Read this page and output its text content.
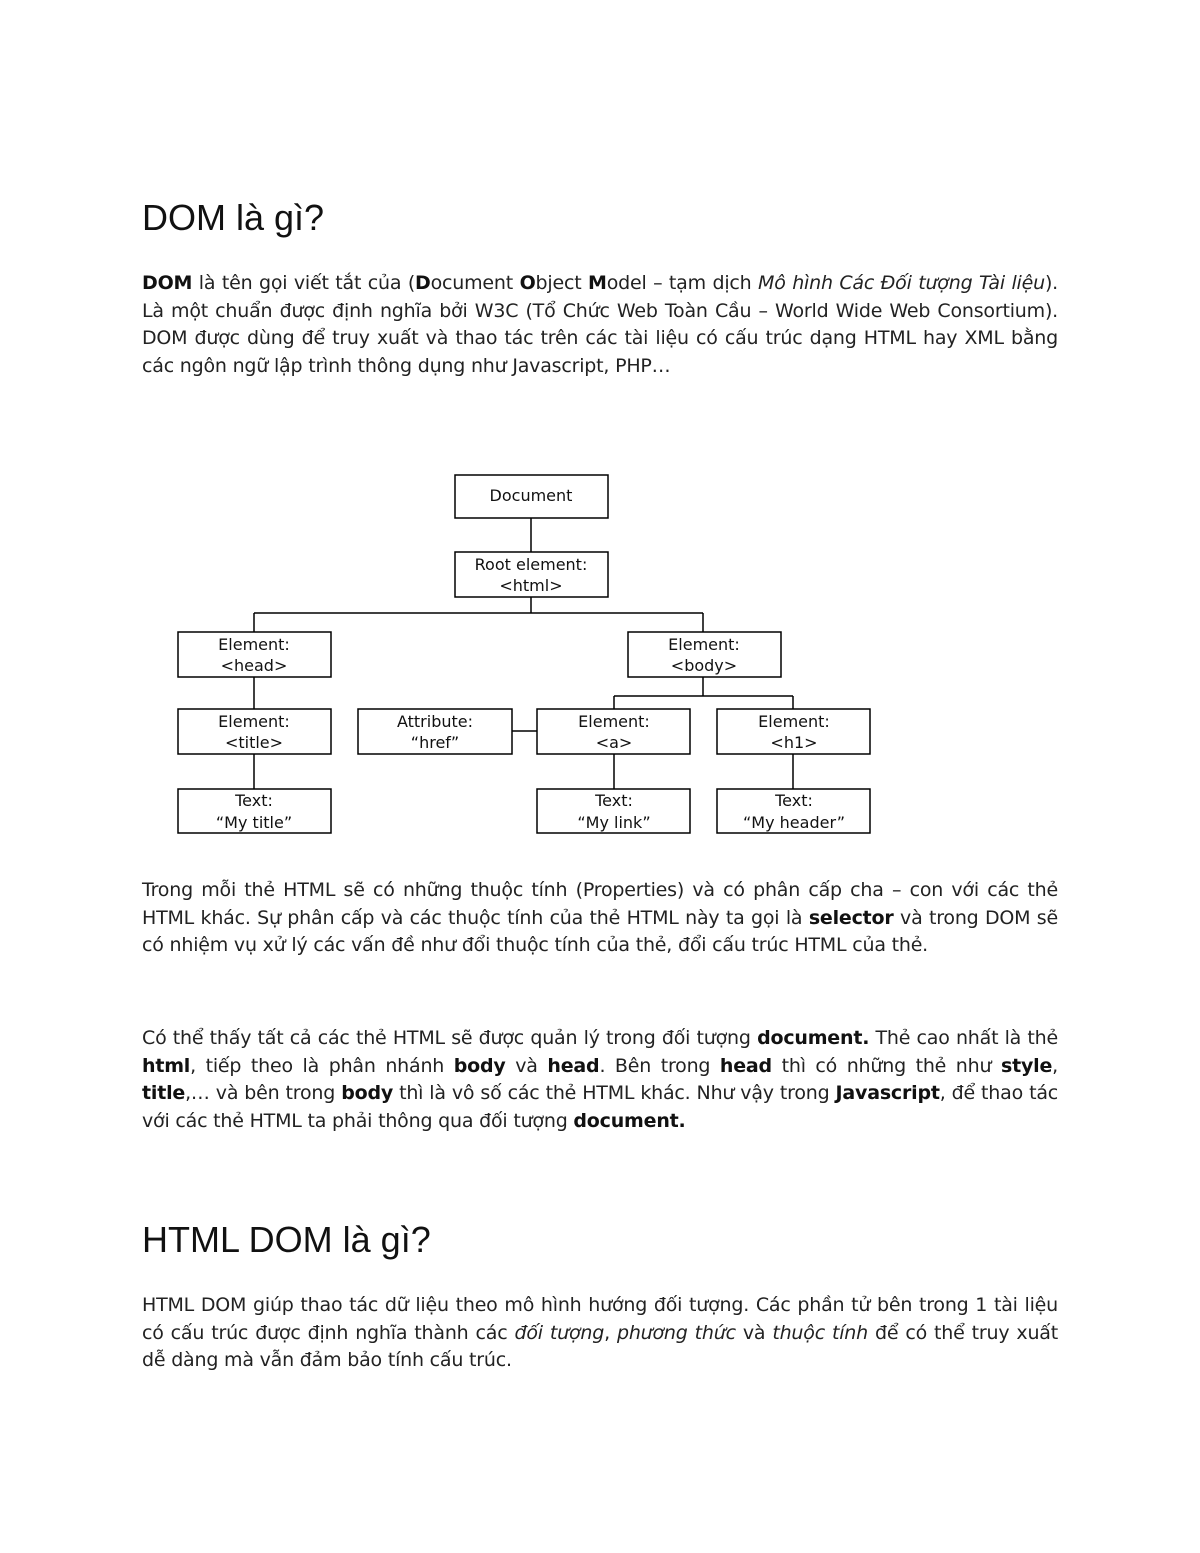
DOM là gì?

DOM là tên gọi viết tắt của (Document Object Model – tạm dịch Mô hình Các Đối tượng Tài liệu). Là một chuẩn được định nghĩa bởi W3C (Tổ Chức Web Toàn Cầu – World Wide Web Consortium). DOM được dùng để truy xuất và thao tác trên các tài liệu có cấu trúc dạng HTML hay XML bằng các ngôn ngữ lập trình thông dụng như Javascript, PHP…

Document
Root element:
<html>
Element:
<head>
Element:
<body>
Element:
<title>
Attribute:
“href”
Element:
<a>
Element:
<h1>
Text:
“My title”
Text:
“My link”
Text:
“My header”

Trong mỗi thẻ HTML sẽ có những thuộc tính (Properties) và có phân cấp cha – con với các thẻ HTML khác. Sự phân cấp và các thuộc tính của thẻ HTML này ta gọi là selector và trong DOM sẽ có nhiệm vụ xử lý các vấn đề như đổi thuộc tính của thẻ, đổi cấu trúc HTML của thẻ.

Có thể thấy tất cả các thẻ HTML sẽ được quản lý trong đối tượng document. Thẻ cao nhất là thẻ html, tiếp theo là phân nhánh body và head. Bên trong head thì có những thẻ như style, title,… và bên trong body thì là vô số các thẻ HTML khác. Như vậy trong Javascript, để thao tác với các thẻ HTML ta phải thông qua đối tượng document.

HTML DOM là gì?

HTML DOM giúp thao tác dữ liệu theo mô hình hướng đối tượng. Các phần tử bên trong 1 tài liệu có cấu trúc được định nghĩa thành các đối tượng, phương thức và thuộc tính để có thể truy xuất dễ dàng mà vẫn đảm bảo tính cấu trúc.
